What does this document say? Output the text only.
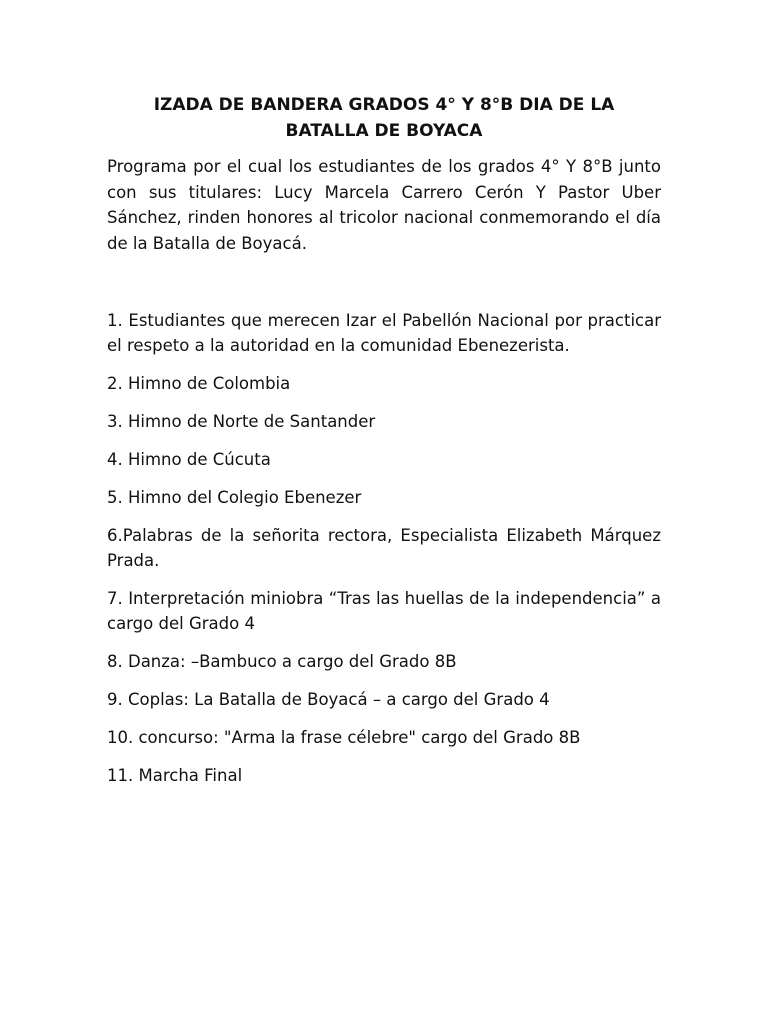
IZADA DE BANDERA GRADOS 4° Y 8°B DIA DE LA
BATALLA DE BOYACA

Programa por el cual los estudiantes de los grados 4° Y 8°B junto con sus titulares: Lucy Marcela Carrero Cerón Y Pastor Uber Sánchez, rinden honores al tricolor nacional conmemorando el día de la Batalla de Boyacá.

1. Estudiantes que merecen Izar el Pabellón Nacional por practicar el respeto a la autoridad en la comunidad Ebenezerista.
2. Himno de Colombia
3. Himno de Norte de Santander
4. Himno de Cúcuta
5. Himno del Colegio Ebenezer
6.Palabras de la señorita rectora, Especialista Elizabeth Márquez Prada.
7. Interpretación miniobra “Tras las huellas de la independencia” a cargo del Grado 4
8. Danza: –Bambuco a cargo del Grado 8B
9. Coplas: La Batalla de Boyacá – a cargo del Grado 4
10. concurso: "Arma la frase célebre" cargo del Grado 8B
11. Marcha Final
